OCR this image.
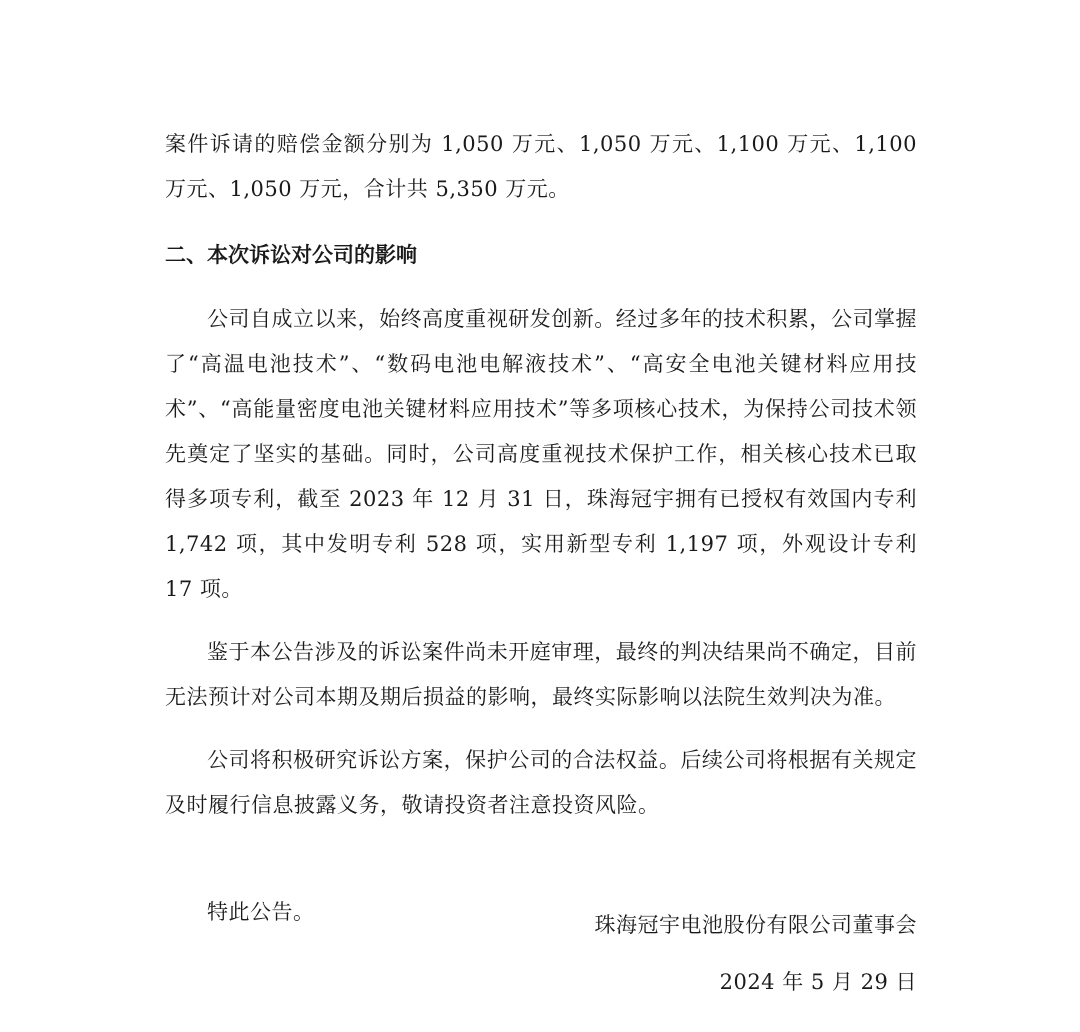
案件诉请的赔偿金额分别为 1,050 万元、1,050 万元、1,100 万元、1,100 万元、1,050 万元，合计共 5,350 万元。

二、本次诉讼对公司的影响

公司自成立以来，始终高度重视研发创新。经过多年的技术积累，公司掌握了“高温电池技术”、“数码电池电解液技术”、“高安全电池关键材料应用技术”、“高能量密度电池关键材料应用技术”等多项核心技术，为保持公司技术领先奠定了坚实的基础。同时，公司高度重视技术保护工作，相关核心技术已取得多项专利，截至 2023 年 12 月 31 日，珠海冠宇拥有已授权有效国内专利 1,742 项，其中发明专利 528 项，实用新型专利 1,197 项，外观设计专利 17 项。

鉴于本公告涉及的诉讼案件尚未开庭审理，最终的判决结果尚不确定，目前无法预计对公司本期及期后损益的影响，最终实际影响以法院生效判决为准。

公司将积极研究诉讼方案，保护公司的合法权益。后续公司将根据有关规定及时履行信息披露义务，敬请投资者注意投资风险。

特此公告。

珠海冠宇电池股份有限公司董事会
2024 年 5 月 29 日
